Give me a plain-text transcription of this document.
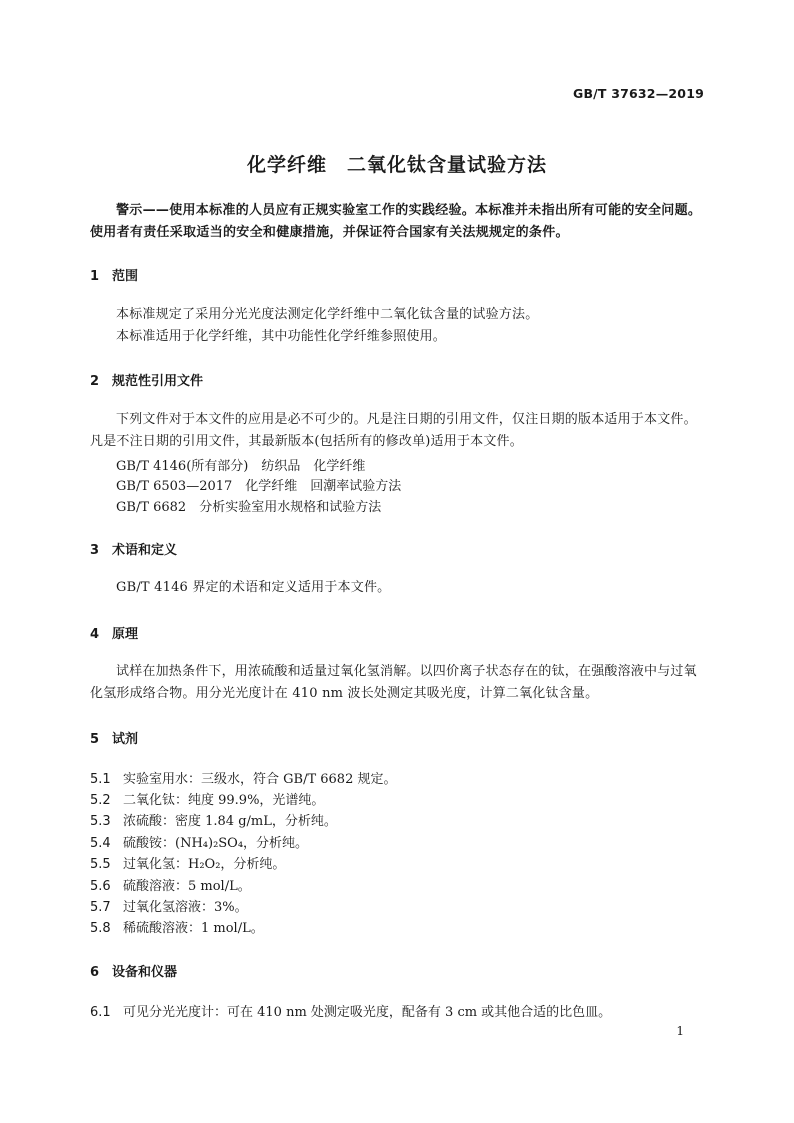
GB/T 37632—2019
化学纤维　二氧化钛含量试验方法

警示——使用本标准的人员应有正规实验室工作的实践经验。本标准并未指出所有可能的安全问题。使用者有责任采取适当的安全和健康措施，并保证符合国家有关法规规定的条件。

1 范围

本标准规定了采用分光光度法测定化学纤维中二氧化钛含量的试验方法。

本标准适用于化学纤维，其中功能性化学纤维参照使用。

2 规范性引用文件

下列文件对于本文件的应用是必不可少的。凡是注日期的引用文件，仅注日期的版本适用于本文件。凡是不注日期的引用文件，其最新版本(包括所有的修改单)适用于本文件。

GB/T 4146(所有部分)　纺织品　化学纤维
GB/T 6503—2017　化学纤维　回潮率试验方法
GB/T 6682　分析实验室用水规格和试验方法
3 术语和定义

GB/T 4146 界定的术语和定义适用于本文件。

4 原理

试样在加热条件下，用浓硫酸和适量过氧化氢消解。以四价离子状态存在的钛，在强酸溶液中与过氧化氢形成络合物。用分光光度计在 410 nm 波长处测定其吸光度，计算二氧化钛含量。

5 试剂
5.1 实验室用水：三级水，符合 GB/T 6682 规定。
5.2 二氧化钛：纯度 99.9%，光谱纯。
5.3 浓硫酸：密度 1.84 g/mL，分析纯。
5.4 硫酸铵：(NH₄)₂SO₄，分析纯。
5.5 过氧化氢：H₂O₂，分析纯。
5.6 硫酸溶液：5 mol/L。
5.7 过氧化氢溶液：3%。
5.8 稀硫酸溶液：1 mol/L。
6 设备和仪器
6.1 可见分光光度计：可在 410 nm 处测定吸光度，配备有 3 cm 或其他合适的比色皿。
1
